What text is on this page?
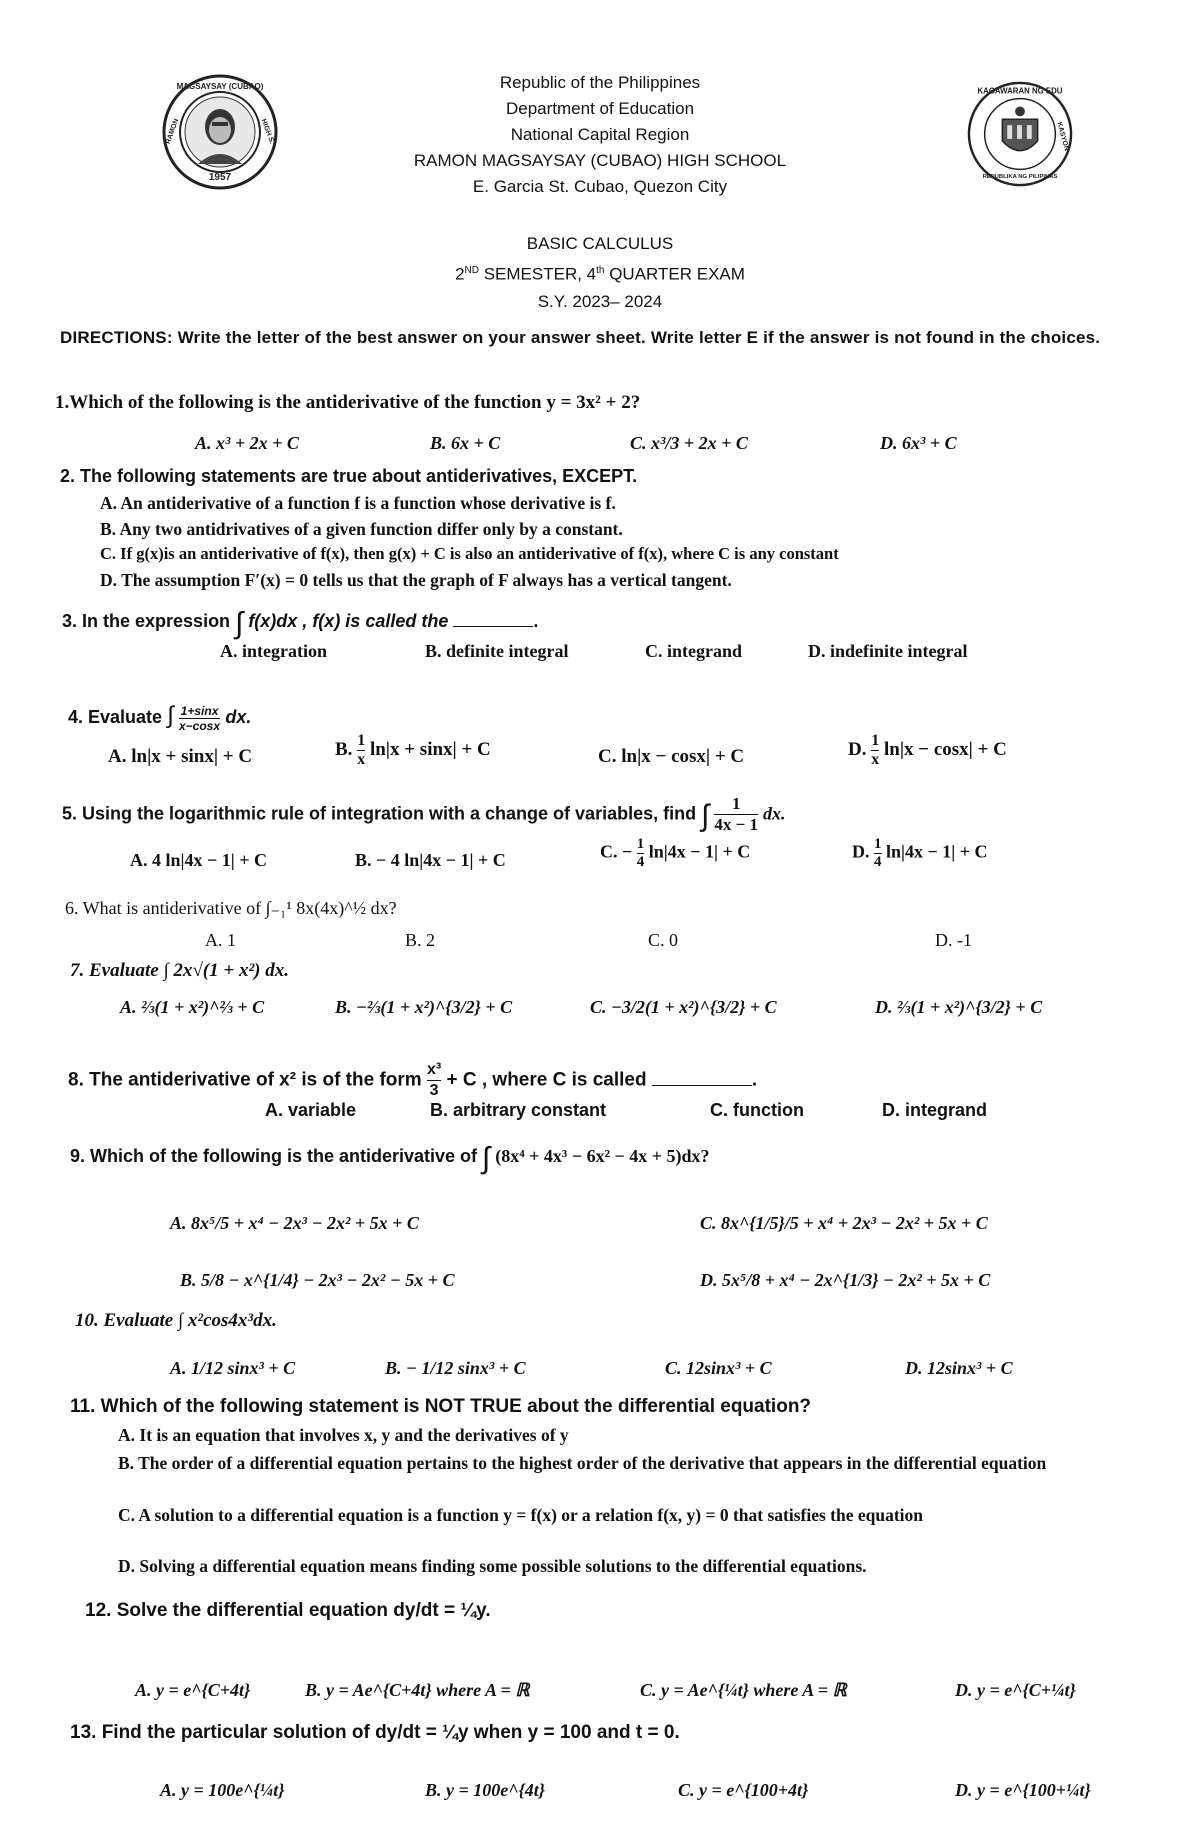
1957
MAGSAYSAY (CUBAO)
RAMON	HIGH S.
KAGAWARAN NG EDU
KASYON
REPUBLIKA NG PILIPINAS
Republic of the Philippines
Department of Education
National Capital Region
RAMON MAGSAYSAY (CUBAO) HIGH SCHOOL
E. Garcia St. Cubao, Quezon City
BASIC CALCULUS
2ND SEMESTER, 4th QUARTER EXAM
S.Y. 2023– 2024
DIRECTIONS: Write the letter of the best answer on your answer sheet. Write letter E if the answer is not found in the choices.
1.Which of the following is the antiderivative of the function y = 3x² + 2?
A. x³ + 2x + C	B. 6x + C	C. x³/3 + 2x + C	D. 6x³ + C
2. The following statements are true about antiderivatives, EXCEPT.
A. An antiderivative of a function f is a function whose derivative is f.
B. Any two antidrivatives of a given function differ only by a constant.
C. If g(x)is an antiderivative of f(x), then g(x) + C is also an antiderivative of f(x), where C is any constant
D. The assumption F′(x) = 0 tells us that the graph of F always has a vertical tangent.
3. In the expression ∫ f(x)dx , f(x) is called the	.
A. integration	B. definite integral	C. integrand	D. indefinite integral
4. Evaluate ∫ $\frac{1+\sin x}{x-\cos x}$ dx.
A. ln|x + sinx| + C	B. $\frac{1}{x} \ln|x + \sin x| + C$	C. ln|x − cosx| + C	D. $\frac{1}{x} \ln|x - \cos x| + C$
5. Using the logarithmic rule of integration with a change of variables, find ∫ $\frac{1}{4x - 1}$ dx.
A. 4 ln|4x − 1| + C	B. − 4 ln|4x − 1| + C	C. − $\frac{1}{4} \ln|4x - 1| + C$	D. $\frac{1}{4} \ln|4x - 1| + C$
6. What is antiderivative of ∫₋₁¹ 8x(4x)^½ dx?
A. 1	B. 2	C. 0	D. -1
7. Evaluate ∫ 2x√(1 + x²) dx.
A. ⅔(1 + x²)^⅔ + C	B. −⅔(1 + x²)^{3/2} + C	C. −3/2(1 + x²)^{3/2} + C	D. ⅔(1 + x²)^{3/2} + C
8. The antiderivative of x² is of the form $\frac{\text{x³}}{3} + C$ , where C is called	.
A. variable	B. arbitrary constant	C. function	D. integrand
9. Which of the following is the antiderivative of ∫ (8x⁴ + 4x³ − 6x² − 4x + 5)dx?
A. 8x⁵/5 + x⁴ − 2x³ − 2x² + 5x + C	C. 8x^{1/5}/5 + x⁴ + 2x³ − 2x² + 5x + C
B. 5/8 − x^{1/4} − 2x³ − 2x² − 5x + C	D. 5x⁵/8 + x⁴ − 2x^{1/3} − 2x² + 5x + C
10. Evaluate ∫ x²cos4x³dx.
A. 1/12 sinx³ + C	B. − 1/12 sinx³ + C	C. 12sinx³ + C	D. 12sinx³ + C
11. Which of the following statement is NOT TRUE about the differential equation?
A. It is an equation that involves x, y and the derivatives of y
B. The order of a differential equation pertains to the highest order of the derivative that appears in the differential equation
C. A solution to a differential equation is a function y = f(x) or a relation f(x, y) = 0 that satisfies the equation
D. Solving a differential equation means finding some possible solutions to the differential equations.
12. Solve the differential equation dy/dt = ¼y.
A. y = e^{C+4t}	B. y = Ae^{C+4t} where A = ℝ	C. y = Ae^{¼t} where A = ℝ	D. y = e^{C+¼t}
13. Find the particular solution of dy/dt = ¼y when y = 100 and t = 0.
A. y = 100e^{¼t}	B. y = 100e^{4t}	C. y = e^{100+4t}	D. y = e^{100+¼t}
